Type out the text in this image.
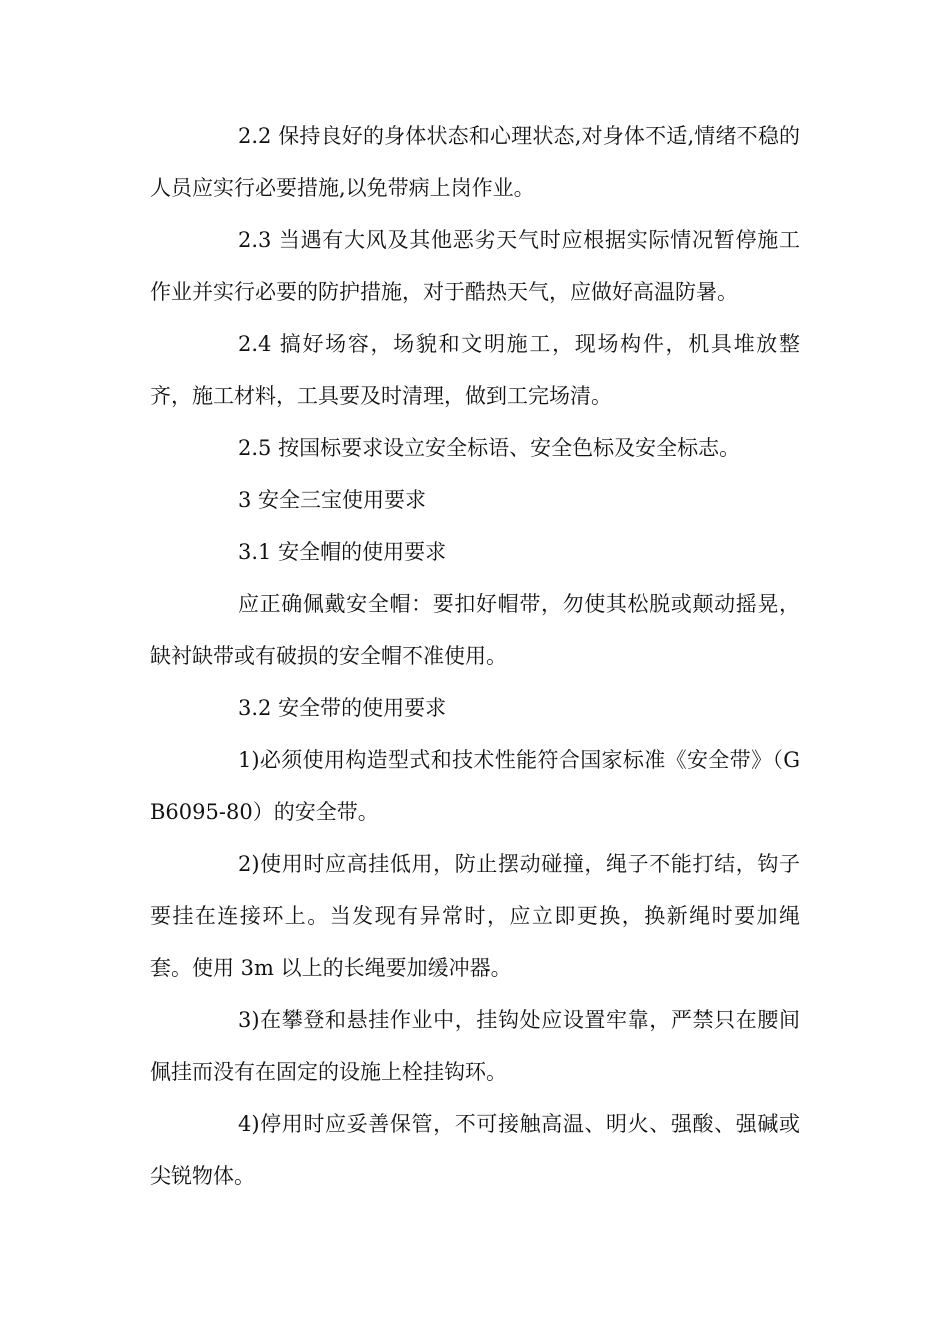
2.2 保持良好的身体状态和心理状态,对身体不适,情绪不稳的人员应实行必要措施,以免带病上岗作业。

2.3 当遇有大风及其他恶劣天气时应根据实际情况暂停施工作业并实行必要的防护措施，对于酷热天气，应做好高温防暑。

2.4 搞好场容，场貌和文明施工，现场构件，机具堆放整齐，施工材料，工具要及时清理，做到工完场清。

2.5 按国标要求设立安全标语、安全色标及安全标志。

3 安全三宝使用要求

3.1 安全帽的使用要求

应正确佩戴安全帽：要扣好帽带，勿使其松脱或颠动摇晃，缺衬缺带或有破损的安全帽不准使用。

3.2 安全带的使用要求

1)必须使用构造型式和技术性能符合国家标准《安全带》（GB6095-80）的安全带。

2)使用时应高挂低用，防止摆动碰撞，绳子不能打结，钩子要挂在连接环上。当发现有异常时，应立即更换，换新绳时要加绳套。使用 3m 以上的长绳要加缓冲器。

3)在攀登和悬挂作业中，挂钩处应设置牢靠，严禁只在腰间佩挂而没有在固定的设施上栓挂钩环。

4)停用时应妥善保管，不可接触高温、明火、强酸、强碱或尖锐物体。
